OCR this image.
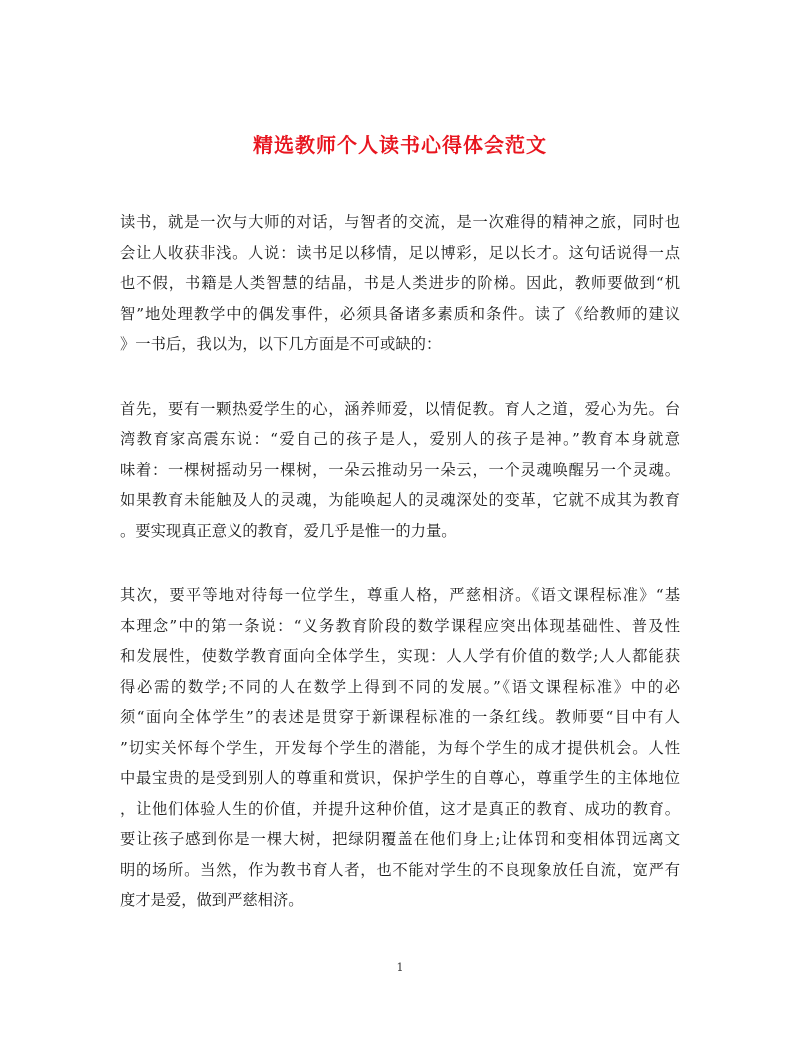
精选教师个人读书心得体会范文
读书，就是一次与大师的对话，与智者的交流，是一次难得的精神之旅，同时也
会让人收获非浅。人说：读书足以移情，足以博彩，足以长才。这句话说得一点
也不假，书籍是人类智慧的结晶，书是人类进步的阶梯。因此，教师要做到“机
智”地处理教学中的偶发事件，必须具备诸多素质和条件。读了《给教师的建议
》一书后，我以为，以下几方面是不可或缺的：
首先，要有一颗热爱学生的心，涵养师爱，以情促教。育人之道，爱心为先。台
湾教育家高震东说：“爱自己的孩子是人，爱别人的孩子是神。”教育本身就意
味着：一棵树摇动另一棵树，一朵云推动另一朵云，一个灵魂唤醒另一个灵魂。
如果教育未能触及人的灵魂，为能唤起人的灵魂深处的变革，它就不成其为教育
。要实现真正意义的教育，爱几乎是惟一的力量。
其次，要平等地对待每一位学生，尊重人格，严慈相济。《语文课程标准》“基
本理念”中的第一条说：“义务教育阶段的数学课程应突出体现基础性、普及性
和发展性，使数学教育面向全体学生，实现：人人学有价值的数学;人人都能获
得必需的数学;不同的人在数学上得到不同的发展。”《语文课程标准》中的必
须“面向全体学生”的表述是贯穿于新课程标准的一条红线。教师要“目中有人
”切实关怀每个学生，开发每个学生的潜能，为每个学生的成才提供机会。人性
中最宝贵的是受到别人的尊重和赏识，保护学生的自尊心，尊重学生的主体地位
，让他们体验人生的价值，并提升这种价值，这才是真正的教育、成功的教育。
要让孩子感到你是一棵大树，把绿阴覆盖在他们身上;让体罚和变相体罚远离文
明的场所。当然，作为教书育人者，也不能对学生的不良现象放任自流，宽严有
度才是爱，做到严慈相济。
1
